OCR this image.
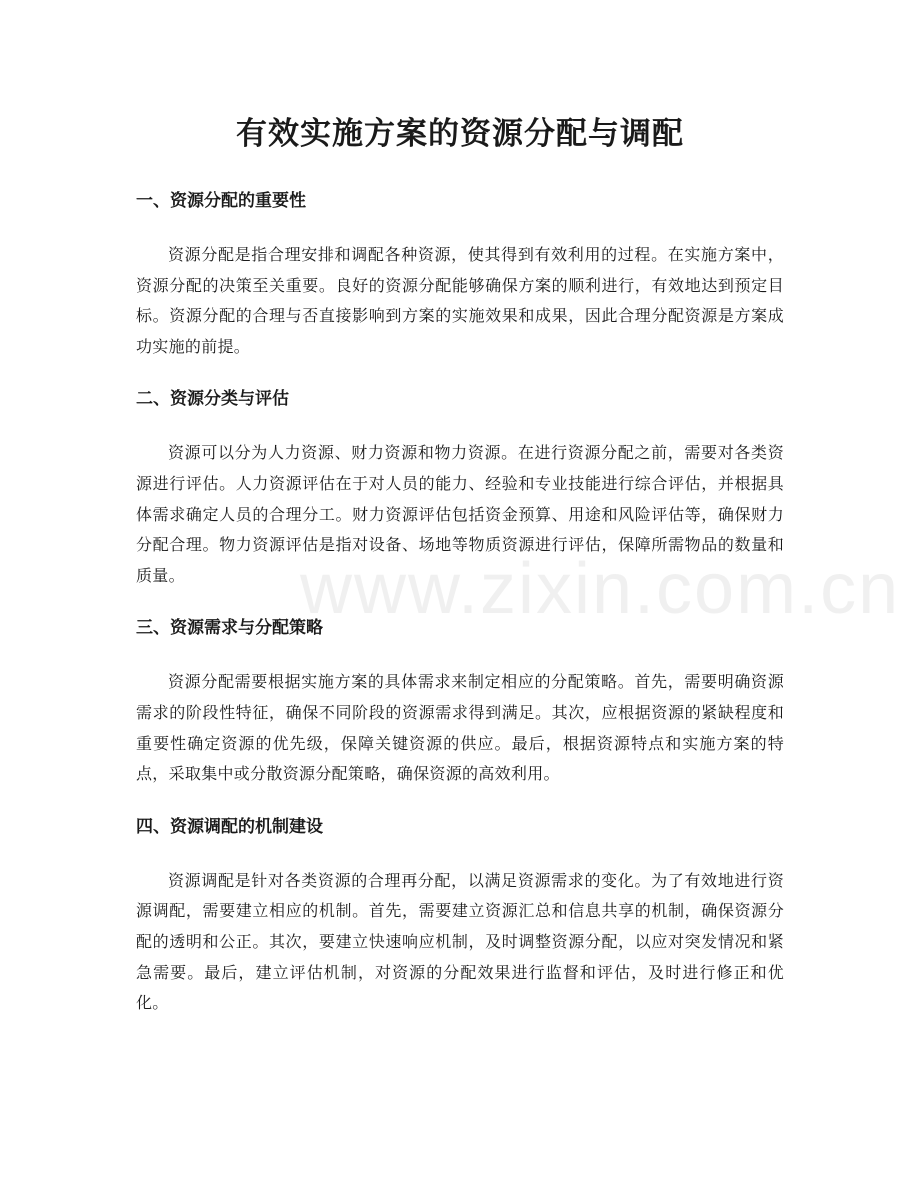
有效实施方案的资源分配与调配
一、资源分配的重要性

资源分配是指合理安排和调配各种资源，使其得到有效利用的过程。在实施方案中，资源分配的决策至关重要。良好的资源分配能够确保方案的顺利进行，有效地达到预定目标。资源分配的合理与否直接影响到方案的实施效果和成果，因此合理分配资源是方案成功实施的前提。

二、资源分类与评估

资源可以分为人力资源、财力资源和物力资源。在进行资源分配之前，需要对各类资源进行评估。人力资源评估在于对人员的能力、经验和专业技能进行综合评估，并根据具体需求确定人员的合理分工。财力资源评估包括资金预算、用途和风险评估等，确保财力分配合理。物力资源评估是指对设备、场地等物质资源进行评估，保障所需物品的数量和质量。

三、资源需求与分配策略

资源分配需要根据实施方案的具体需求来制定相应的分配策略。首先，需要明确资源需求的阶段性特征，确保不同阶段的资源需求得到满足。其次，应根据资源的紧缺程度和重要性确定资源的优先级，保障关键资源的供应。最后，根据资源特点和实施方案的特点，采取集中或分散资源分配策略，确保资源的高效利用。

四、资源调配的机制建设

资源调配是针对各类资源的合理再分配，以满足资源需求的变化。为了有效地进行资源调配，需要建立相应的机制。首先，需要建立资源汇总和信息共享的机制，确保资源分配的透明和公正。其次，要建立快速响应机制，及时调整资源分配，以应对突发情况和紧急需要。最后，建立评估机制，对资源的分配效果进行监督和评估，及时进行修正和优化。

www.zixin.com.cn
